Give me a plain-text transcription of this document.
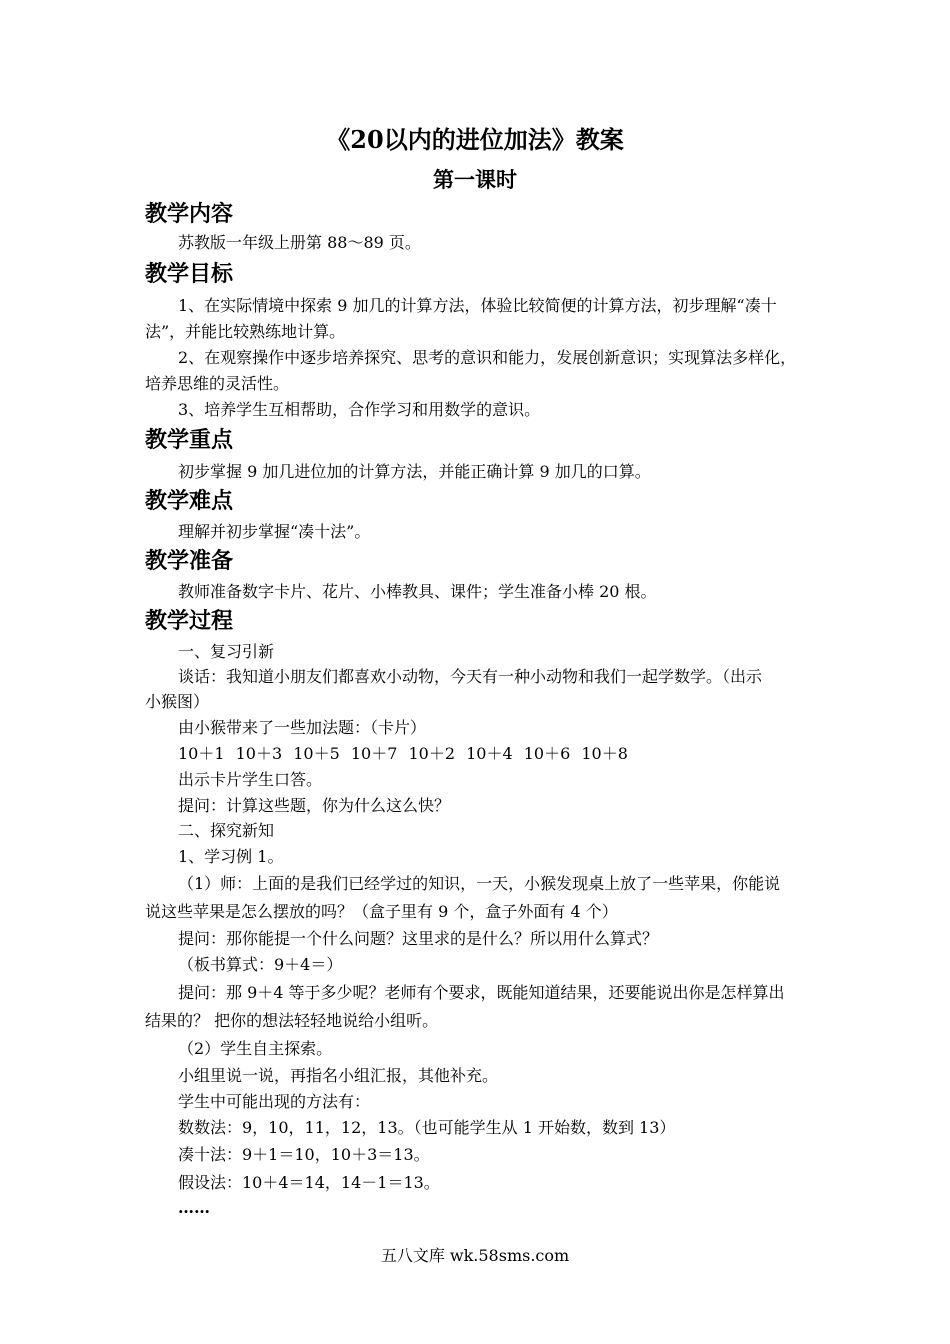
《20以内的进位加法》教案
第一课时
教学内容
苏教版一年级上册第 88～89 页。
教学目标
1、在实际情境中探索 9 加几的计算方法，体验比较简便的计算方法，初步理解“凑十
法”，并能比较熟练地计算。
2、在观察操作中逐步培养探究、思考的意识和能力，发展创新意识；实现算法多样化，
培养思维的灵活性。
3、培养学生互相帮助，合作学习和用数学的意识。
教学重点
初步掌握 9 加几进位加的计算方法，并能正确计算 9 加几的口算。
教学难点
理解并初步掌握“凑十法”。
教学准备
教师准备数字卡片、花片、小棒教具、课件；学生准备小棒 20 根。
教学过程
一、复习引新
谈话：我知道小朋友们都喜欢小动物，今天有一种小动物和我们一起学数学。（出示
小猴图）
由小猴带来了一些加法题：（卡片）
10＋1 10＋3 10＋5 10＋7 10＋2 10＋4 10＋6 10＋8
出示卡片学生口答。
提问：计算这些题，你为什么这么快？
二、探究新知
1、学习例 1。
（1）师：上面的是我们已经学过的知识，一天，小猴发现桌上放了一些苹果，你能说
说这些苹果是怎么摆放的吗？（盒子里有 9 个，盒子外面有 4 个）
提问：那你能提一个什么问题？这里求的是什么？所以用什么算式？
（板书算式：9＋4＝）
提问：那 9＋4 等于多少呢？老师有个要求，既能知道结果，还要能说出你是怎样算出
结果的？ 把你的想法轻轻地说给小组听。
（2）学生自主探索。
小组里说一说，再指名小组汇报，其他补充。
学生中可能出现的方法有：
数数法：9，10，11，12，13。（也可能学生从 1 开始数，数到 13）
凑十法：9＋1＝10，10＋3＝13。
假设法：10＋4＝14，14－1＝13。
……
五八文库 wk.58sms.com
